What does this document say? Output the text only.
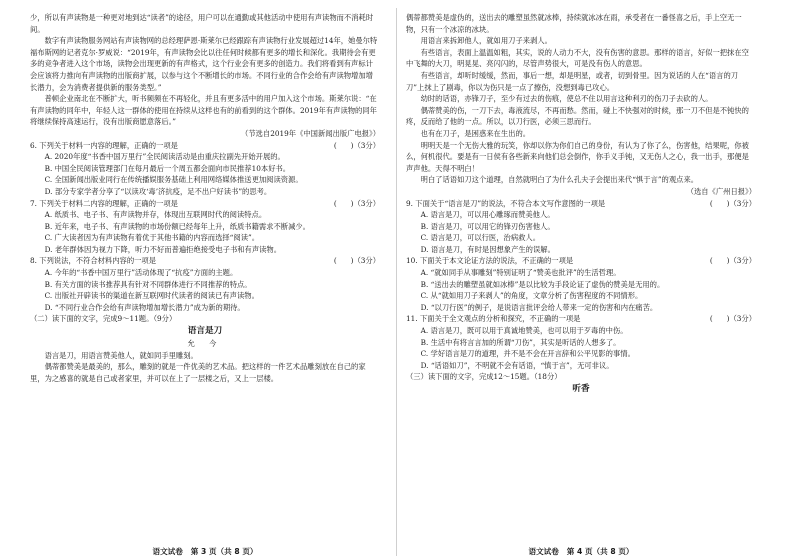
少，所以有声读物是一种更对地到达“读者”的途径，用户可以在通勤或其他活动中使用有声读物而不消耗时间。

数字有声读物服务网站有声读物网的总经理萨恩·斯莱尔已经跟踪有声读物行业发展超过14年，她曼尔特福布斯网的记者克尔·罗威说：“2019年，有声读物会比以往任何时候都有更多的增长和深化。我期待会有更多的竞争者进入这个市场，读物会出现更新的有声格式，这个行业会有更多的创造力。我们将看到有声标计会应该将力推向有声读物的出版商扩展，以参与这个不断增长的市场。不同行业的合作会给有声读物增加增长潜力，会为消费者提供新的服务类型。”

普顿企业南北在不断扩大，听书频频在不再轻化，并且有更多活中的用户加入这个市场。斯莱尔说：“在有声读物的同年中，年轻人这一群体的使用在持续从这样也有的前看到的这个群体。2019年有声读物的同年将继续保持高速运行，没有出版商愿意落后。”

（节选自2019年《中国新闻出版广电报》）

6. 下列关于材料一内容的理解，正确的一项是	(      )（3分）

A. 2020年度“书香中国万里行”全民阅读活动是由重庆拉副先开始开展的。

B. 中国全民阅读管理部门在每月最后一个周五都会面向市民推荐10本好书。

C. 全国新闻出版业同行在传统播娱服务基础上利用网络媒体推送更加阅读资源。

D. 部分专家学者分享了“以读攻‘毒’济抗疫，足不出户好读书”的思考。

7. 下列关于材料二内容的理解，正确的一项是	(      )（3分）

A. 纸质书、电子书、有声读物并存，体现出互联网时代的阅读特点。

B. 近年来，电子书、有声读物的市场份额已经每年上升，纸质书籍需求不断减少。

C. 广大读者因为有声读物有着优于其他书籍的内容而选择“阅读”。

D. 老年群体因为视力下降，听力不好而普遍拒绝接受电子书和有声读物。

8. 下列说法，不符合材料内容的一项是	(      )（3分）

A. 今年的“书香中国万里行”活动体现了“抗疫”方面的主题。

B. 有关方面的读书推荐具有针对不同群体进行不同推荐的特点。

C. 出版社开辟读书的渠道在新互联网时代读者的阅读已有声读物。

D. “不同行业合作会给有声读物增加增长潜力”成为新的期待。

（二）读下面的文字，完成9～11题。（9分）

语言是刀
允 今

语言是刀，用语言赞美他人，就如同手里雕刻。

偶蒂都赞美是最美的，那么，雕刻的就是一件优美的艺术品。把这样的一件艺术品雕刻放在自己的家里，为之感喜的就是自己或者家里，并可以在上了一层楼之后，又上一层楼。

语文试卷 第 3 页（共 8 页）

偶蒂都赞美是虚伪的，送出去的雕塑虽然就冰棒，持续就冰冰在雨，承受者在一番怪喜之后，手上空无一物，只有一个冰凉的冰块。

用语言来拆卸他人，就如用刀子来剥人。

有些语言，表面上温温如粗，其实，说的人动力不大，没有伤害的意思。那样的语言，好似一把抹在空中飞舞的大刀，明晃晃、亮闪闪的，尽管声势很大，可是没有伤人的意思。

有些语言，却听时缓缓，然而，事后一想，却是明星，或者，切到骨里。因为说话的人在“语言的刀刀”上抹上了剧毒，你以为伤只是一点了擦伤，没想到毒已攻心。

幼时的话语，亦锋刀子，至少有过去的伤痕，使总不住以用言这种利刃的伤刀子去砍的人。

偶蒂赞美的伤，一刀下去，毒液流尽，不再而愁。然而，碰上不快强对的时候，那一刀不但是不钝快的疼，反而给了他的一点。所以，以刀行医，必须三思而行。

也有在刀子，是困惑来在生出的。

明明天是一个无伤大雅的玩笑，你却以你为你们自己的身份，有认为了你了么，伤害他，结果呢，你被么，何机很代。要是有一日侯有各些新来向他们总会倒作，你手义手钝，又无伤人之心，我一出手，那便是声声他。天得不明白！

明白了话语如刀这个道理，自然就明白了为什么孔夫子会提出来代“惧于言”的观点来。

（选自《广州日报》）

9. 下面关于“语言是刀”的说法，不符合本文写作意图的一项是	(      )（3分）

A. 语言是刀，可以用心雕琢而赞美他人。

B. 语言是刀，可以用它的锋刃伤害他人。

C. 语言是刀，可以行医，治病救人。

D. 语言是刀，有时是因想象产生的误解。

10. 下面关于本文论证方法的说法，不正确的一项是	(      )（3分）

A. “就如同手从事雕刻”特别证明了“赞美也批评”的生活哲理。

B. “送出去的雕塑虽就如冰棒”是以比较为手段论证了虚伪的赞美是无用的。

C. 从“就如用刀子来剥人”的角度，文章分析了伤害程度的不同情形。

D. “以刀行医”的例子，是说语言批评会给人带来一定的伤害和内在痛苦。

11. 下面关于全文观点的分析和探究，不正确的一项是	(      )（3分）

A. 语言是刀，既可以用于真诚地赞美，也可以用于歹毒的中伤。

B. 生活中有将言言加的所谓“刀伤”，其实是听话的人想多了。

C. 学好语言是刀的道理，并不是不会在开言辞和公平见影的事情。

D. “话语如刀”，不明就不会有话语，“慎于言”，无可非议。

（三）读下面的文字，完成12～15题。（18分）

听香
语文试卷 第 4 页（共 8 页）
